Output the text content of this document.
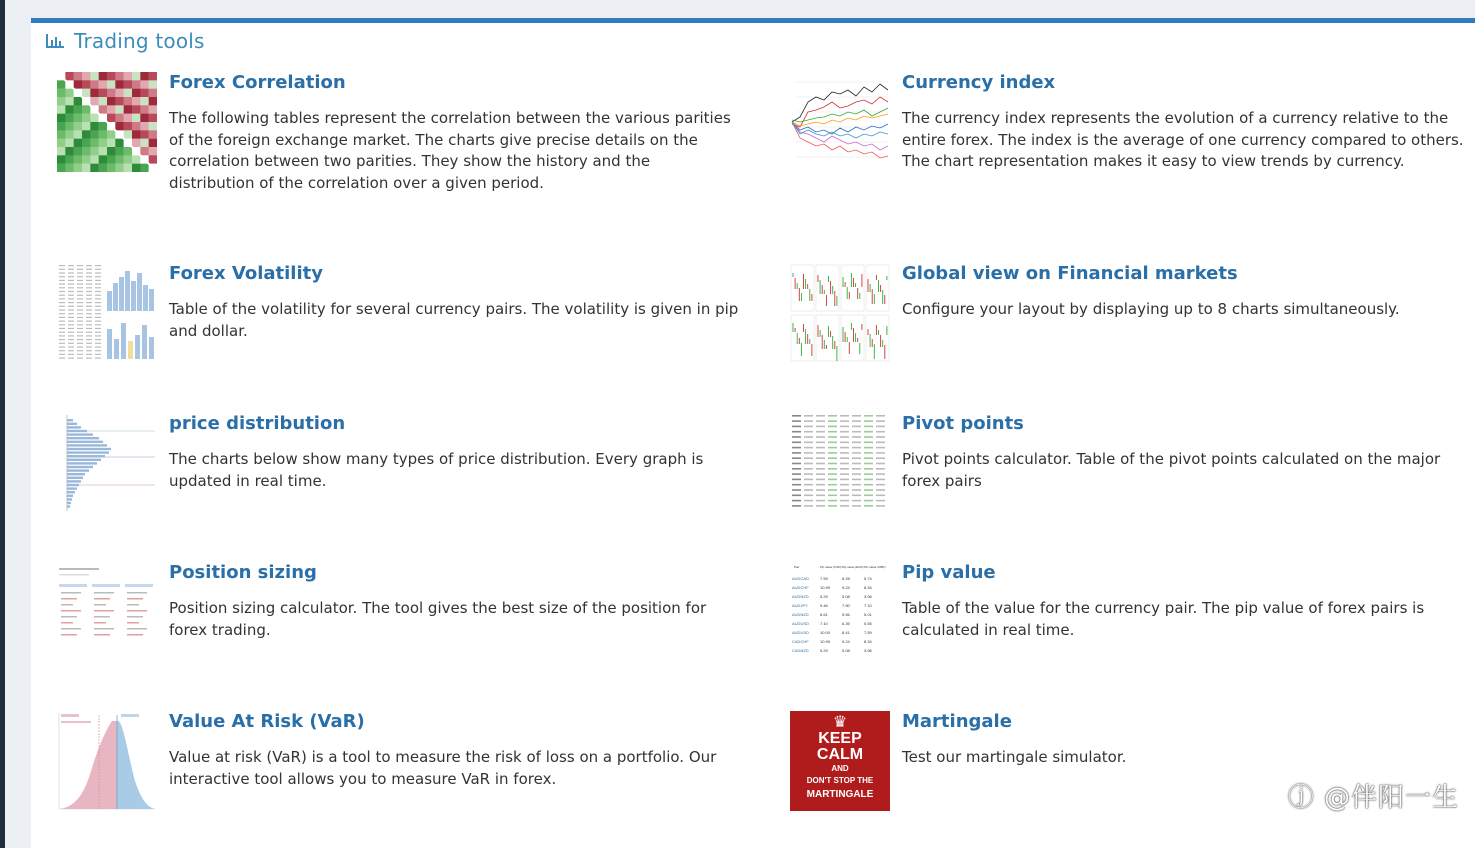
Trading tools
Forex Correlation
The following tables represent the correlation between the various parities of the foreign exchange market. The charts give precise details on the correlation between two parities. They show the history and the distribution of the correlation over a given period.
Currency index
The currency index represents the evolution of a currency relative to the entire forex. The index is the average of one currency compared to others. The chart representation makes it easy to view trends by currency.
Forex Volatility
Table of the volatility for several currency pairs. The volatility is given in pip and dollar.
Global view on Financial markets
Configure your layout by displaying up to 8 charts simultaneously.
price distribution
The charts below show many types of price distribution. Every graph is updated in real time.
Pivot points
Pivot points calculator. Table of the pivot points calculated on the major forex pairs
Position sizing
Position sizing calculator. The tool gives the best size of the position for forex trading.
Pair	Pip value (USD) Pip value (EUR) Pip value (GBP)
AUDCAD	7.59	6.28	5.74
AUDCHF	10.99	9.24	8.34
AUDNZD	5.29	5.08	3.96
AUDJPY	9.46	7.90	7.10
AUDNZD	6.61	5.56	5.01
AUDUSD	7.10	6.35	5.55
AUDUSD	10.00	8.41	7.59
CADCHF	10.99	9.24	8.34
CADNZD	5.29	5.08	3.96
Pip value
Table of the value for the currency pair. The pip value of forex pairs is calculated in real time.
Value At Risk (VaR)
Value at risk (VaR) is a tool to measure the risk of loss on a portfolio. Our interactive tool allows you to measure VaR in forex.
♛
KEEP
CALM
AND
DON'T STOP THE
MARTINGALE
Martingale
Test our martingale simulator.
ⓙ @伴阳一生
